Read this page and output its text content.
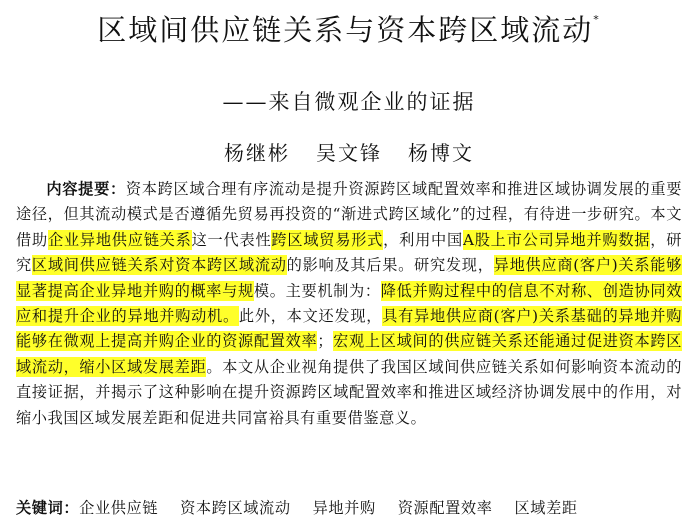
区域间供应链关系与资本跨区域流动*
——来自微观企业的证据
杨继彬 吴文锋 杨博文

内容提要：资本跨区域合理有序流动是提升资源跨区域配置效率和推进区域协调发展的重要途径，但其流动模式是否遵循先贸易再投资的“渐进式跨区域化”的过程，有待进一步研究。本文借助企业异地供应链关系这一代表性跨区域贸易形式，利用中国A股上市公司异地并购数据，研究区域间供应链关系对资本跨区域流动的影响及其后果。研究发现，异地供应商(客户)关系能够显著提高企业异地并购的概率与规模。主要机制为：降低并购过程中的信息不对称、创造协同效应和提升企业的异地并购动机。此外，本文还发现，具有异地供应商(客户)关系基础的异地并购能够在微观上提高并购企业的资源配置效率；宏观上区域间的供应链关系还能通过促进资本跨区域流动，缩小区域发展差距。本文从企业视角提供了我国区域间供应链关系如何影响资本流动的直接证据，并揭示了这种影响在提升资源跨区域配置效率和推进区域经济协调发展中的作用，对缩小我国区域发展差距和促进共同富裕具有重要借鉴意义。

关键词：企业供应链 资本跨区域流动 异地并购 资源配置效率 区域差距
